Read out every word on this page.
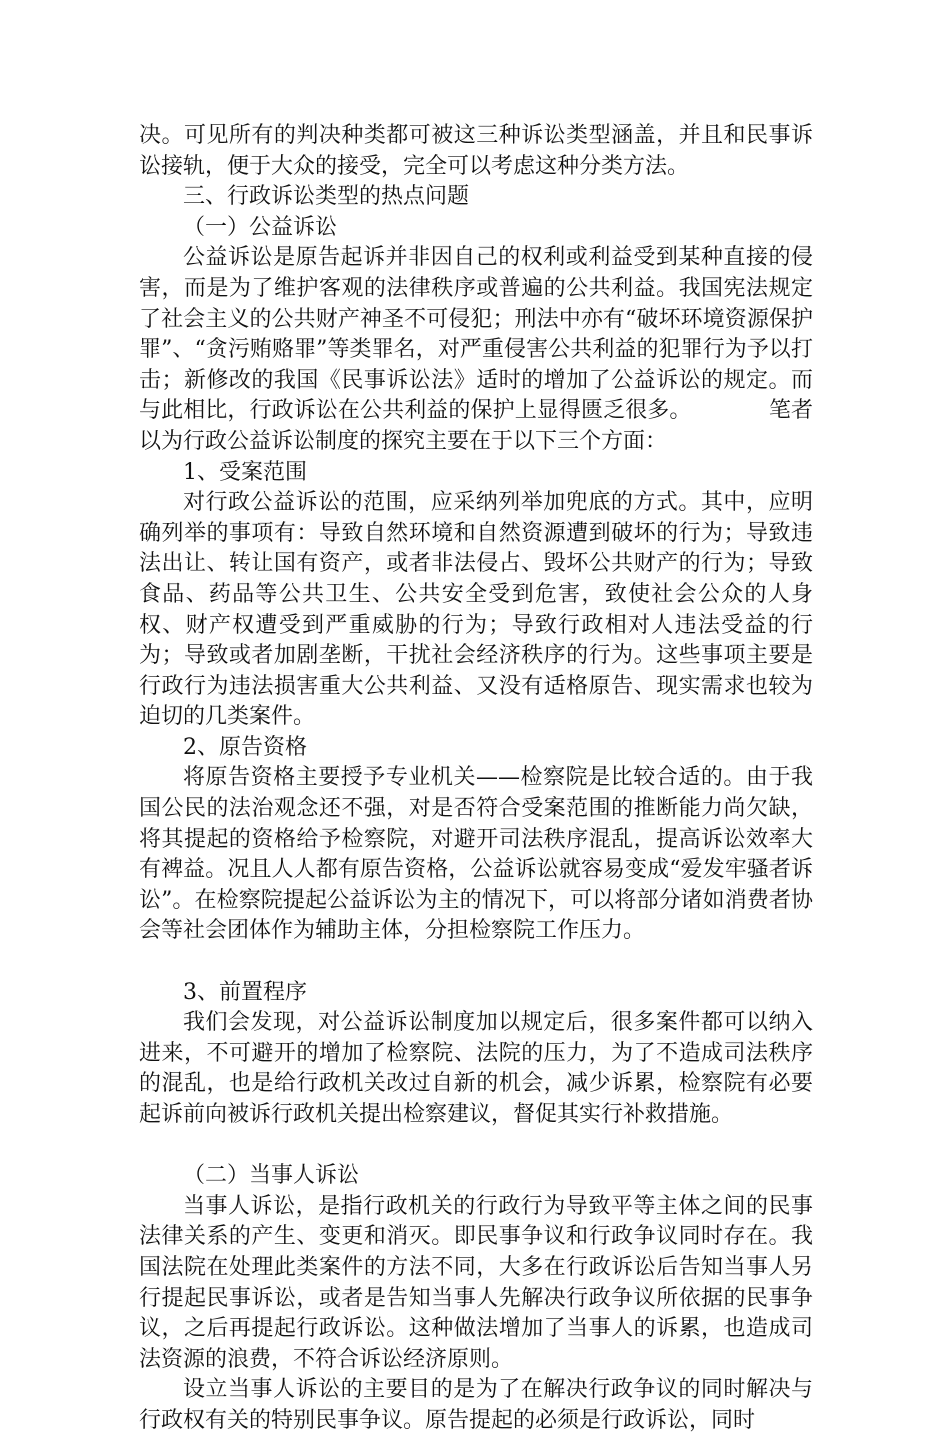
决。可见所有的判决种类都可被这三种诉讼类型涵盖，并且和民事诉讼接轨，便于大众的接受，完全可以考虑这种分类方法。

三、行政诉讼类型的热点问题

（一）公益诉讼

公益诉讼是原告起诉并非因自己的权利或利益受到某种直接的侵害，而是为了维护客观的法律秩序或普遍的公共利益。我国宪法规定了社会主义的公共财产神圣不可侵犯；刑法中亦有“破坏环境资源保护罪”、“贪污贿赂罪”等类罪名，对严重侵害公共利益的犯罪行为予以打击；新修改的我国《民事诉讼法》适时的增加了公益诉讼的规定。而与此相比，行政诉讼在公共利益的保护上显得匮乏很多。　　　　笔者以为行政公益诉讼制度的探究主要在于以下三个方面：

1、受案范围

对行政公益诉讼的范围，应采纳列举加兜底的方式。其中，应明确列举的事项有：导致自然环境和自然资源遭到破坏的行为；导致违法出让、转让国有资产，或者非法侵占、毁坏公共财产的行为；导致食品、药品等公共卫生、公共安全受到危害，致使社会公众的人身权、财产权遭受到严重威胁的行为；导致行政相对人违法受益的行为；导致或者加剧垄断，干扰社会经济秩序的行为。这些事项主要是行政行为违法损害重大公共利益、又没有适格原告、现实需求也较为迫切的几类案件。

2、原告资格

将原告资格主要授予专业机关——检察院是比较合适的。由于我国公民的法治观念还不强，对是否符合受案范围的推断能力尚欠缺，将其提起的资格给予检察院，对避开司法秩序混乱，提高诉讼效率大有裨益。况且人人都有原告资格，公益诉讼就容易变成“爱发牢骚者诉讼”。在检察院提起公益诉讼为主的情况下，可以将部分诸如消费者协会等社会团体作为辅助主体，分担检察院工作压力。

3、前置程序

我们会发现，对公益诉讼制度加以规定后，很多案件都可以纳入进来，不可避开的增加了检察院、法院的压力，为了不造成司法秩序的混乱，也是给行政机关改过自新的机会，减少诉累，检察院有必要起诉前向被诉行政机关提出检察建议，督促其实行补救措施。

（二）当事人诉讼

当事人诉讼，是指行政机关的行政行为导致平等主体之间的民事法律关系的产生、变更和消灭。即民事争议和行政争议同时存在。我国法院在处理此类案件的方法不同，大多在行政诉讼后告知当事人另行提起民事诉讼，或者是告知当事人先解决行政争议所依据的民事争议，之后再提起行政诉讼。这种做法增加了当事人的诉累，也造成司法资源的浪费，不符合诉讼经济原则。

设立当事人诉讼的主要目的是为了在解决行政争议的同时解决与行政权有关的特别民事争议。原告提起的必须是行政诉讼，同时
